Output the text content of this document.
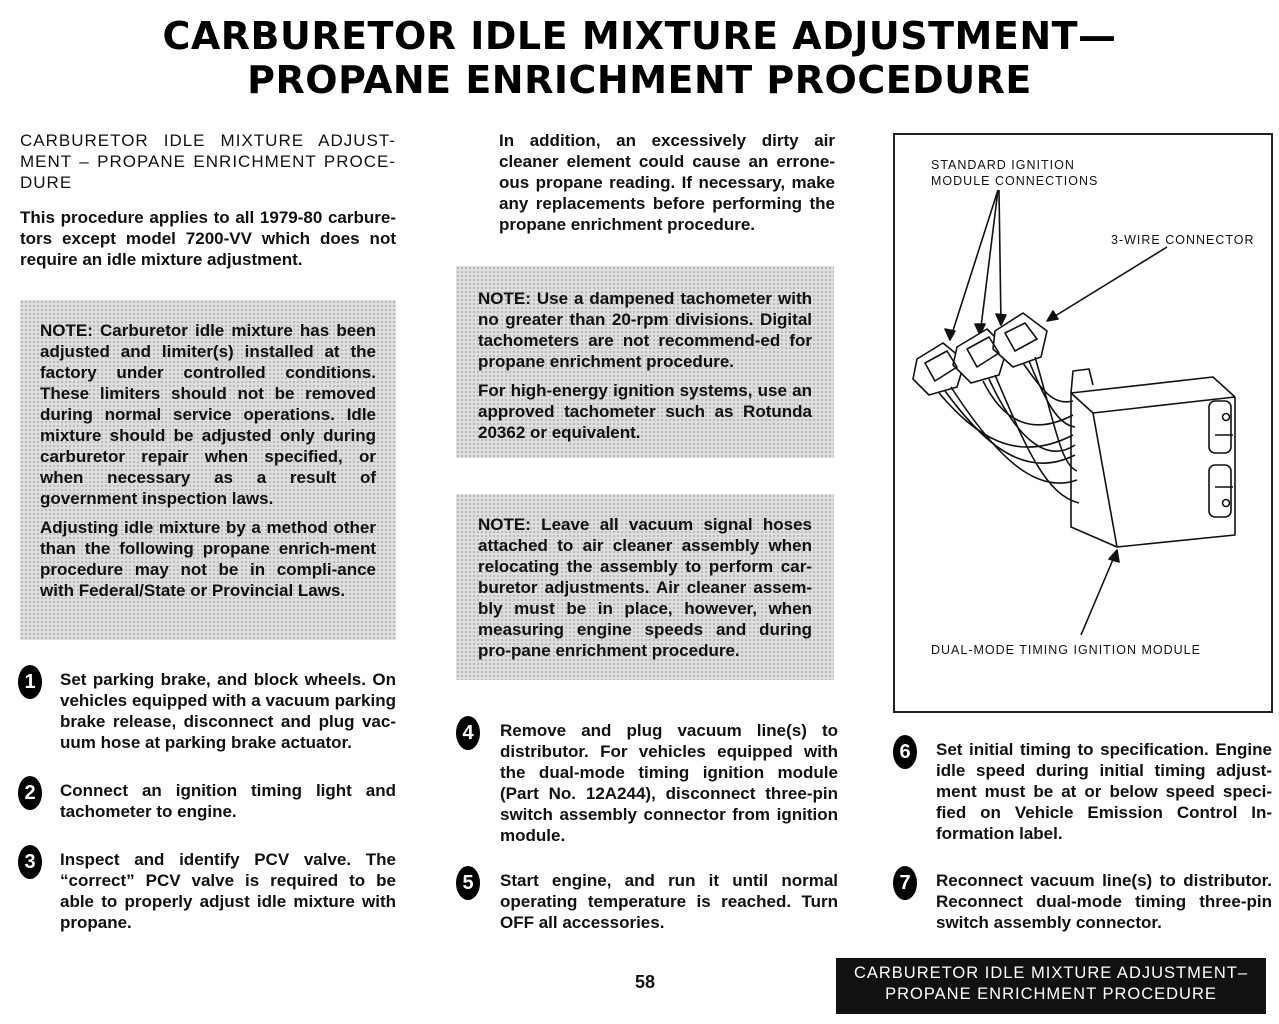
CARBURETOR IDLE MIXTURE ADJUSTMENT—
PROPANE ENRICHMENT PROCEDURE

CARBURETOR IDLE MIXTURE ADJUST-MENT – PROPANE ENRICHMENT PROCE-DURE

This procedure applies to all 1979-80 carbure-tors except model 7200-VV which does not require an idle mixture adjustment.

NOTE: Carburetor idle mixture has been adjusted and limiter(s) installed at the factory under controlled conditions. These limiters should not be removed during normal service operations. Idle mixture should be adjusted only during carburetor repair when specified, or when necessary as a result of government inspection laws.

Adjusting idle mixture by a method other than the following propane enrich-ment procedure may not be in compli-ance with Federal/State or Provincial Laws.

In addition, an excessively dirty air cleaner element could cause an errone-ous propane reading. If necessary, make any replacements before performing the propane enrichment procedure.

NOTE: Use a dampened tachometer with no greater than 20-rpm divisions. Digital tachometers are not recommend-ed for propane enrichment procedure.

For high-energy ignition systems, use an approved tachometer such as Rotunda 20362 or equivalent.

NOTE: Leave all vacuum signal hoses attached to air cleaner assembly when relocating the assembly to perform car-buretor adjustments. Air cleaner assem-bly must be in place, however, when measuring engine speeds and during pro-pane enrichment procedure.

1	Set parking brake, and block wheels. On vehicles equipped with a vacuum parking brake release, disconnect and plug vac-uum hose at parking brake actuator.

2	Connect an ignition timing light and tachometer to engine.

3	Inspect and identify PCV valve. The “correct” PCV valve is required to be able to properly adjust idle mixture with propane.

4	Remove and plug vacuum line(s) to distributor. For vehicles equipped with the dual-mode timing ignition module (Part No. 12A244), disconnect three-pin switch assembly connector from ignition module.

5	Start engine, and run it until normal operating temperature is reached. Turn OFF all accessories.

6	Set initial timing to specification. Engine idle speed during initial timing adjust-ment must be at or below speed speci-fied on Vehicle Emission Control In-formation label.

7	Reconnect vacuum line(s) to distributor. Reconnect dual-mode timing three-pin switch assembly connector.

STANDARD IGNITION
MODULE CONNECTIONS
3-WIRE CONNECTOR
DUAL-MODE TIMING IGNITION MODULE
58	CARBURETOR IDLE MIXTURE ADJUSTMENT–
PROPANE ENRICHMENT PROCEDURE
